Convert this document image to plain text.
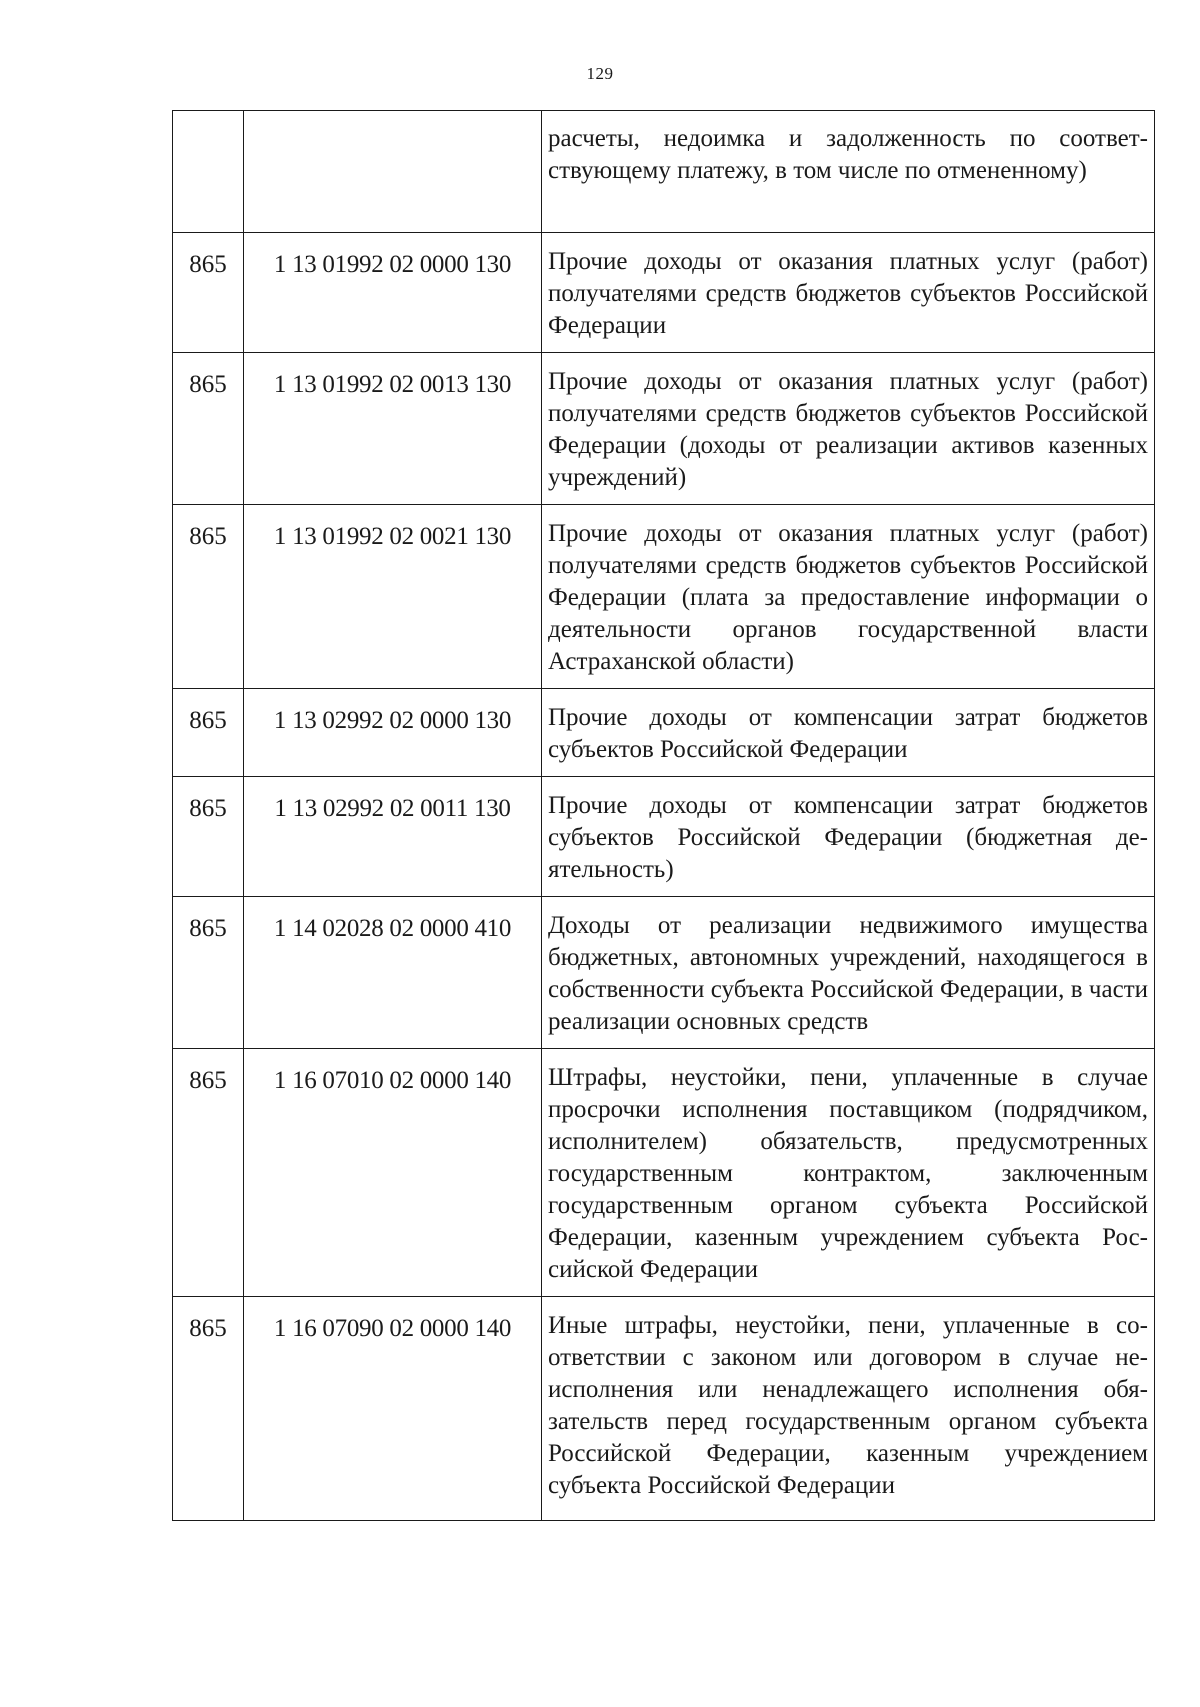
129
		расчеты, недоимка и задолженность по соответствующему платежу, в том числе по отмененному)
865	1 13 01992 02 0000 130	Прочие доходы от оказания платных услуг (работ) получателями средств бюджетов субъектов Российской Федерации
865	1 13 01992 02 0013 130	Прочие доходы от оказания платных услуг (работ) получателями средств бюджетов субъектов Российской Федерации (доходы от реализации активов казенных учреждений)
865	1 13 01992 02 0021 130	Прочие доходы от оказания платных услуг (работ) получателями средств бюджетов субъектов Российской Федерации (плата за предоставление информации о деятельности органов государственной власти Астраханской области)
865	1 13 02992 02 0000 130	Прочие доходы от компенсации затрат бюджетов субъектов Российской Федерации
865	1 13 02992 02 0011 130	Прочие доходы от компенсации затрат бюджетов субъектов Российской Федерации (бюджетная деятельность)
865	1 14 02028 02 0000 410	Доходы от реализации недвижимого имущества бюджетных, автономных учреждений, находящегося в собственности субъекта Российской Федерации, в части реализации основных средств
865	1 16 07010 02 0000 140	Штрафы, неустойки, пени, уплаченные в случае просрочки исполнения поставщиком (подрядчиком, исполнителем) обязательств, предусмотренных государственным контрактом, заключенным государственным органом субъекта Российской Федерации, казенным учреждением субъекта Российской Федерации
865	1 16 07090 02 0000 140	Иные штрафы, неустойки, пени, уплаченные в соответствии с законом или договором в случае неисполнения или ненадлежащего исполнения обязательств перед государственным органом субъекта Российской Федерации, казенным учреждением субъекта Российской Федерации
